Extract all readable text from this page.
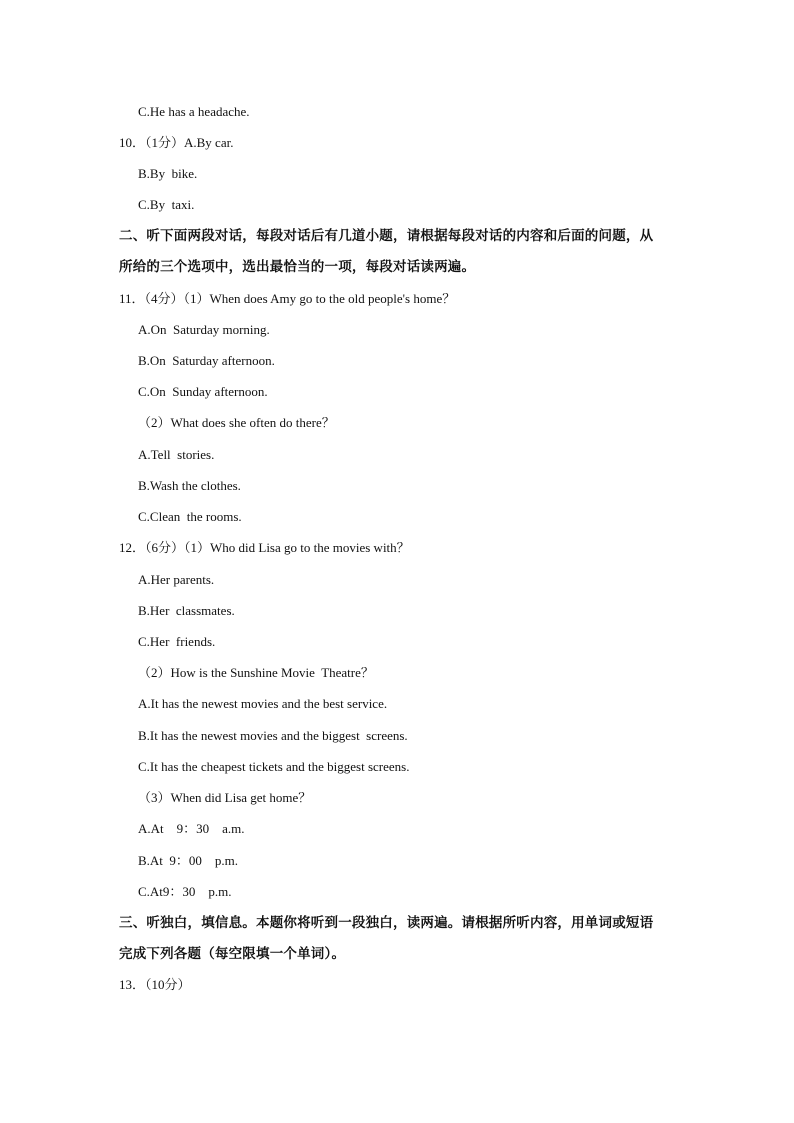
C.He has a headache.
10．（1分）A.By car.
B.By  bike.
C.By  taxi.
二、听下面两段对话，每段对话后有几道小题，请根据每段对话的内容和后面的问题，从
所给的三个选项中，选出最恰当的一项，每段对话读两遍。
11．（4分）（1）When does Amy go to the old people's home？
A.On  Saturday morning.
B.On  Saturday afternoon.
C.On  Sunday afternoon.
（2）What does she often do there？
A.Tell  stories.
B.Wash the clothes.
C.Clean  the rooms.
12．（6分）（1）Who did Lisa go to the movies with？
A.Her parents.
B.Her  classmates.
C.Her  friends.
（2）How is the Sunshine Movie  Theatre？
A.It has the newest movies and the best service.
B.It has the newest movies and the biggest  screens.
C.It has the cheapest tickets and the biggest screens.
（3）When did Lisa get home？
A.At    9：30    a.m.
B.At  9：00    p.m.
C.At9：30    p.m.
三、听独白，填信息。本题你将听到一段独白，读两遍。请根据所听内容，用单词或短语
完成下列各题（每空限填一个单词）。
13．（10分）
